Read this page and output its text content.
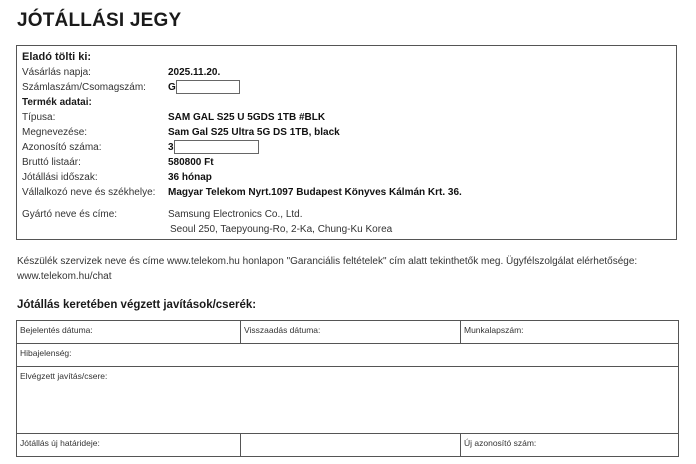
JÓTÁLLÁSI JEGY
Eladó tölti ki:
Vásárlás napja:	2025.11.20.
Számlaszám/Csomagszám: G
Termék adatai:
Típusa:	SAM GAL S25 U 5GDS 1TB #BLK
Megnevezése:	Sam Gal S25 Ultra 5G DS 1TB, black
Azonosító száma:	3
Bruttó listaár:	580800 Ft
Jótállási időszak:	36 hónap
Vállalkozó neve és székhelye: Magyar Telekom Nyrt.1097 Budapest Könyves Kálmán Krt. 36.
Gyártó neve és címe:	Samsung Electronics Co., Ltd.
Seoul 250, Taepyoung-Ro, 2-Ka, Chung-Ku Korea
Készülék szervizek neve és címe www.telekom.hu honlapon "Garanciális feltételek" cím alatt tekinthetők meg. Ügyfélszolgálat elérhetősége:
www.telekom.hu/chat
Jótállás keretében végzett javítások/cserék:
Bejelentés dátuma:	Visszaadás dátuma:	Munkalapszám:
Hibajelenség:		
Elvégzett javítás/csere:		
Jótállás új határideje:		Új azonosító szám:
